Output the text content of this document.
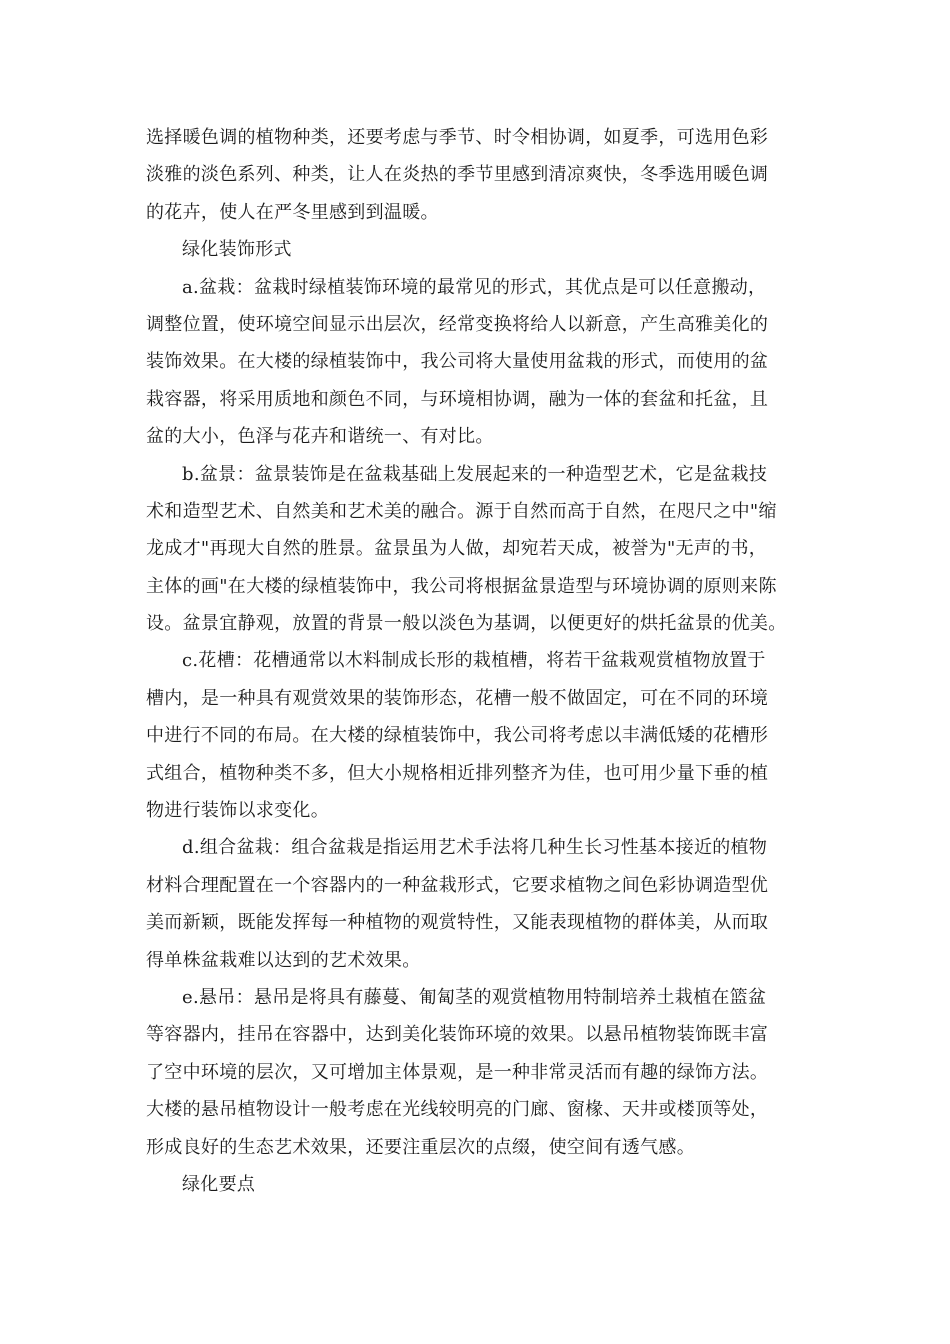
选择暖色调的植物种类，还要考虑与季节、时令相协调，如夏季，可选用色彩
淡雅的淡色系列、种类，让人在炎热的季节里感到清凉爽快，冬季选用暖色调
的花卉，使人在严冬里感到到温暖。
绿化装饰形式
a.盆栽：盆栽时绿植装饰环境的最常见的形式，其优点是可以任意搬动，
调整位置，使环境空间显示出层次，经常变换将给人以新意，产生高雅美化的
装饰效果。在大楼的绿植装饰中，我公司将大量使用盆栽的形式，而使用的盆
栽容器，将采用质地和颜色不同，与环境相协调，融为一体的套盆和托盆，且
盆的大小，色泽与花卉和谐统一、有对比。
b.盆景：盆景装饰是在盆栽基础上发展起来的一种造型艺术，它是盆栽技
术和造型艺术、自然美和艺术美的融合。源于自然而高于自然，在咫尺之中"缩
龙成才"再现大自然的胜景。盆景虽为人做，却宛若天成，被誉为"无声的书，
主体的画"在大楼的绿植装饰中，我公司将根据盆景造型与环境协调的原则来陈
设。盆景宜静观，放置的背景一般以淡色为基调，以便更好的烘托盆景的优美。
c.花槽：花槽通常以木料制成长形的栽植槽，将若干盆栽观赏植物放置于
槽内，是一种具有观赏效果的装饰形态，花槽一般不做固定，可在不同的环境
中进行不同的布局。在大楼的绿植装饰中，我公司将考虑以丰满低矮的花槽形
式组合，植物种类不多，但大小规格相近排列整齐为佳，也可用少量下垂的植
物进行装饰以求变化。
d.组合盆栽：组合盆栽是指运用艺术手法将几种生长习性基本接近的植物
材料合理配置在一个容器内的一种盆栽形式，它要求植物之间色彩协调造型优
美而新颖，既能发挥每一种植物的观赏特性，又能表现植物的群体美，从而取
得单株盆栽难以达到的艺术效果。
e.悬吊：悬吊是将具有藤蔓、匍匐茎的观赏植物用特制培养土栽植在篮盆
等容器内，挂吊在容器中，达到美化装饰环境的效果。以悬吊植物装饰既丰富
了空中环境的层次，又可增加主体景观，是一种非常灵活而有趣的绿饰方法。
大楼的悬吊植物设计一般考虑在光线较明亮的门廊、窗椽、天井或楼顶等处，
形成良好的生态艺术效果，还要注重层次的点缀，使空间有透气感。
绿化要点
